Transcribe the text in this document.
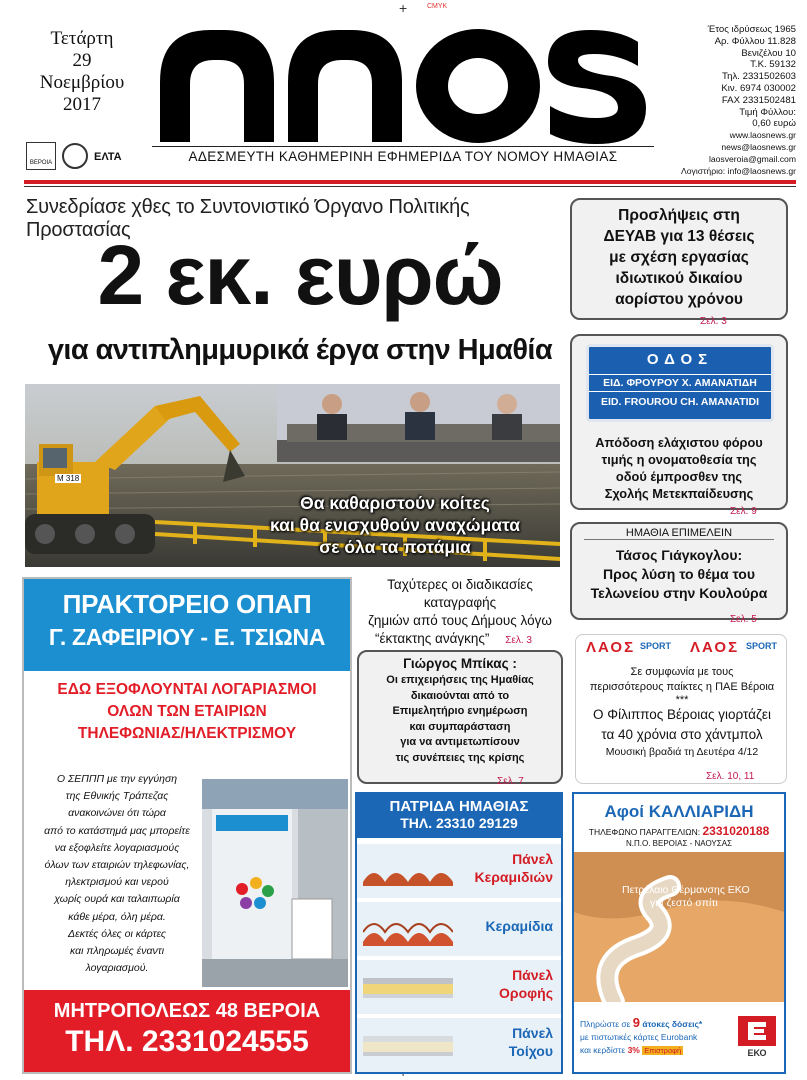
+	CMYK
Τετάρτη
29
Νοεμβρίου
2017
ΑΔΕΣΜΕΥΤΗ ΚΑΘΗΜΕΡΙΝΗ ΕΦΗΜΕΡΙΔΑ ΤΟΥ ΝΟΜΟΥ ΗΜΑΘΙΑΣ
Έτος ιδρύσεως 1965
Αρ. Φύλλου 11.828
Βενιζέλου 10
Τ.Κ. 59132
Τηλ. 2331502603
Κιν. 6974 030002
FAX 2331502481
Τιμή Φύλλου:
0,60 ευρώ
www.laosnews.gr
news@laosnews.gr
laosveroia@gmail.com
Λογιστήριο: info@laosnews.gr
ΒΕΡΟΙΑ	ΕΛΤΑ
Συνεδρίασε χθες το Συντονιστικό Όργανο Πολιτικής Προστασίας
2 εκ. ευρώ
για αντιπλημμυρικά έργα στην Ημαθία
Μ 318
Θα καθαριστούν κοίτες
και θα ενισχυθούν αναχώματα
σε όλα τα ποτάμια
Ταχύτερες οι διαδικασίες καταγραφής
ζημιών από τους Δήμους λόγω
“έκτακτης ανάγκης” Σελ. 3
Προσλήψεις στη
ΔΕΥΑΒ για 13 θέσεις
με σχέση εργασίας
ιδιωτικού δικαίου
αορίστου χρόνου
Σελ. 3
ΟΔΟΣ
ΕΙΔ. ΦΡΟΥΡΟΥ Χ. ΑΜΑΝΑΤΙΔΗ
EID. FROUROU CH. AMANATIDI
Απόδοση ελάχιστου φόρου
τιμής η ονοματοθεσία της
οδού έμπροσθεν της
Σχολής Μετεκπαίδευσης
Σελ. 9
ΗΜΑΘΙΑ ΕΠΙΜΕΛΕΙΝ
Τάσος Γιάγκογλου:
Προς λύση το θέμα του
Τελωνείου στην Κουλούρα
Σελ. 5
ΛΑΟΣ SPORT ΛΑΟΣ SPORT
Σε συμφωνία με τους
περισσότερους παίκτες η ΠΑΕ Βέροια
***
Ο Φίλιππος Βέροιας γιορτάζει
τα 40 χρόνια στο χάντμπολ
Μουσική βραδιά τη Δευτέρα 4/12
Σελ. 10, 11
Γιώργος Μπίκας :
Οι επιχειρήσεις της Ημαθίας
δικαιούνται από το
Επιμελητήριο ενημέρωση
και συμπαράσταση
για να αντιμετωπίσουν
τις συνέπειες της κρίσης
Σελ. 7
ΠΡΑΚΤΟΡΕΙΟ ΟΠΑΠ
Γ. ΖΑΦΕΙΡΙΟΥ - Ε. ΤΣΙΩΝΑ
ΕΔΩ ΕΞΟΦΛΟΥΝΤΑΙ ΛΟΓΑΡΙΑΣΜΟΙ
ΟΛΩΝ ΤΩΝ ΕΤΑΙΡΙΩΝ
ΤΗΛΕΦΩΝΙΑΣ/ΗΛΕΚΤΡΙΣΜΟΥ
Ο ΣΕΠΠΠ με την εγγύηση
της Εθνικής Τράπεζας
ανακοινώνει ότι τώρα
από το κατάστημά μας μπορείτε
να εξοφλείτε λογαριασμούς
όλων των εταιριών τηλεφωνίας,
ηλεκτρισμού και νερού
χωρίς ουρά και ταλαιπωρία
κάθε μέρα, όλη μέρα.
Δεκτές όλες οι κάρτες
και πληρωμές έναντι
λογαριασμού.
ΜΗΤΡΟΠΟΛΕΩΣ 48 ΒΕΡΟΙΑ
ΤΗΛ. 2331024555
ΠΑΤΡΙΔΑ ΗΜΑΘΙΑΣ
ΤΗΛ. 23310 29129
Πάνελ
Κεραμιδιών
Κεραμίδια
Πάνελ
Οροφής
Πάνελ
Τοίχου
Αφοί ΚΑΛΛΙΑΡΙΔΗ
ΤΗΛΕΦΩΝΟ ΠΑΡΑΓΓΕΛΙΩΝ: 2331020188
Ν.Π.Ο. ΒΕΡΟΙΑΣ - ΝΑΟΥΣΑΣ
Πετρέλαιο Θέρμανσης ΕΚΟ
για ζεστό σπίτι
Πληρώστε σε 9 άτοκες δόσεις*
με πιστωτικές κάρτες Eurobank
και κερδίστε 3% Επιστροφή	ΕΚΟ
